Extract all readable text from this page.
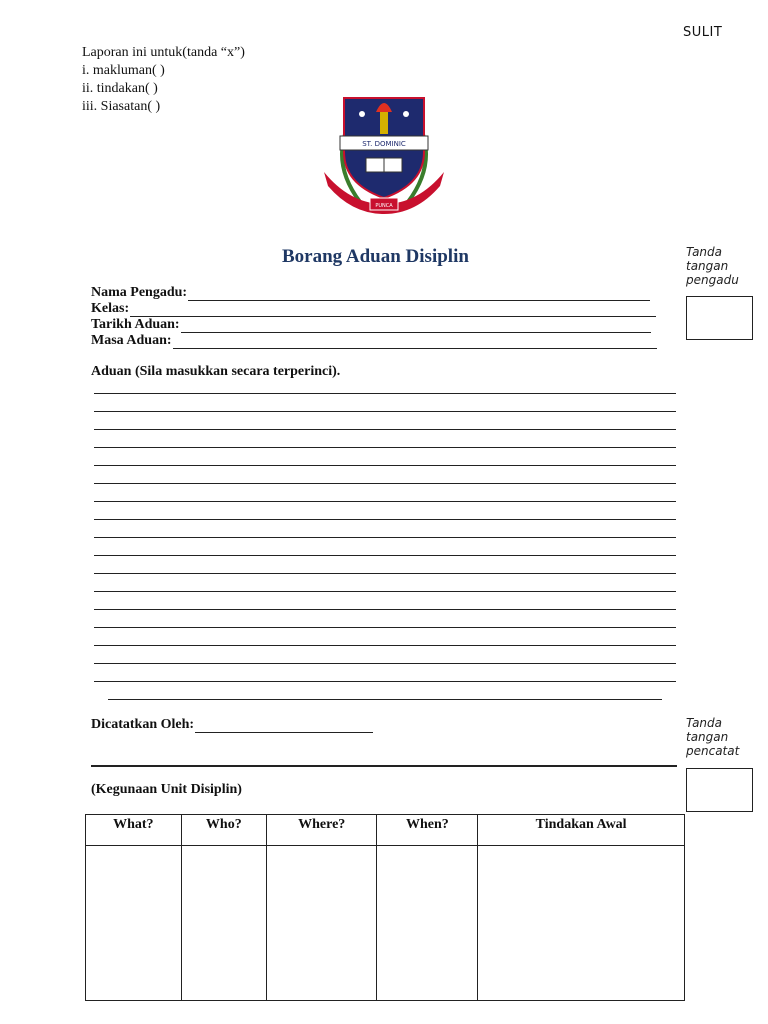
SULIT
Laporan ini untuk(tanda “x”)
i. makluman( )
ii. tindakan( )
iii. Siasatan( )
ST. DOMINIC
S.M.	L.D.
PUNCA
Borang Aduan Disiplin	Tanda tangan pengadu
Nama Pengadu:
Kelas:
Tarikh Aduan:
Masa Aduan:
Aduan (Sila masukkan secara terperinci).
Dicatatkan Oleh:	Tanda tangan pencatat
(Kegunaan Unit Disiplin)
What?	Who?	Where?	When?	Tindakan Awal
